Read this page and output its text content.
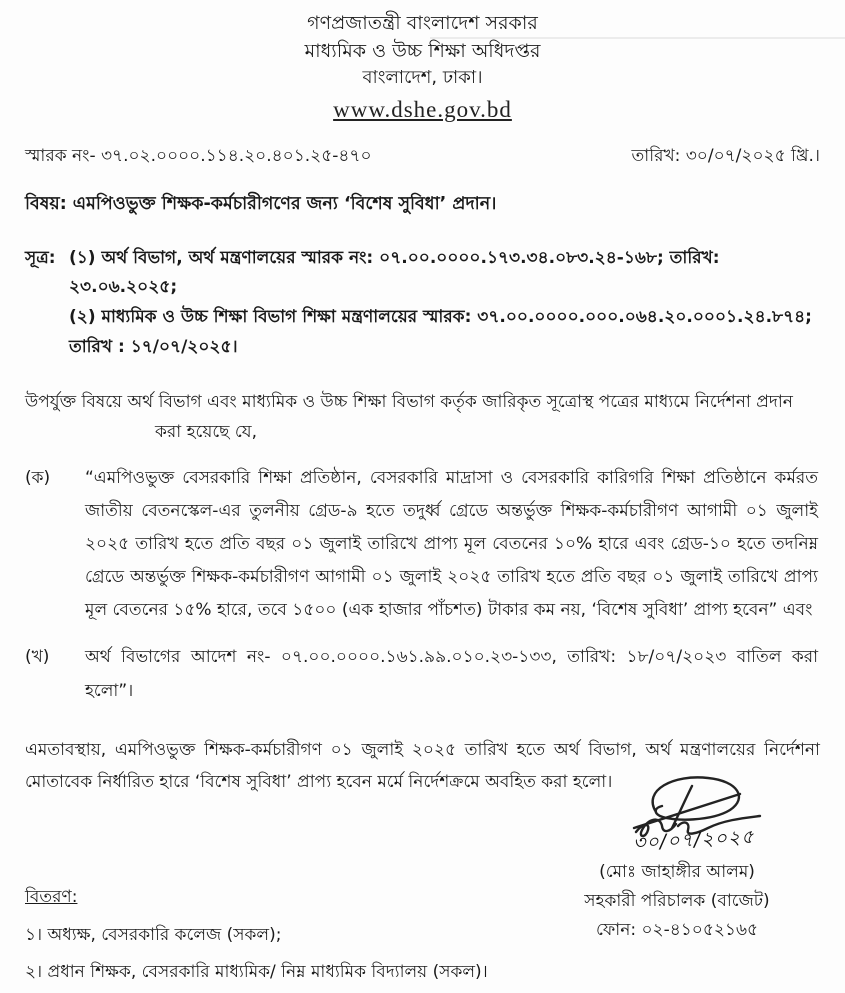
গণপ্রজাতন্ত্রী বাংলাদেশ সরকার
মাধ্যমিক ও উচ্চ শিক্ষা অধিদপ্তর
বাংলাদেশ, ঢাকা।
www.dshe.gov.bd
স্মারক নং- ৩৭.০২.০০০০.১১৪.২০.৪০১.২৫-৪৭০	তারিখ: ৩০/০৭/২০২৫ খ্রি.।
বিষয়: এমপিওভুক্ত শিক্ষক-কর্মচারীগণের জন্য ‘বিশেষ সুবিধা’ প্রদান।
সূত্র: (১) অর্থ বিভাগ, অর্থ মন্ত্রণালয়ের স্মারক নং: ০৭.০০.০০০০.১৭৩.৩৪.০৮৩.২৪-১৬৮; তারিখ: ২৩.০৬.২০২৫;
(২) মাধ্যমিক ও উচ্চ শিক্ষা বিভাগ শিক্ষা মন্ত্রণালয়ের স্মারক: ৩৭.০০.০০০০.০০০.০৬৪.২০.০০০১.২৪.৮৭৪; তারিখ : ১৭/০৭/২০২৫।
উপর্যুক্ত বিষয়ে অর্থ বিভাগ এবং মাধ্যমিক ও উচ্চ শিক্ষা বিভাগ কর্তৃক জারিকৃত সূত্রোস্থ পত্রের মাধ্যমে নির্দেশনা প্রদান করা হয়েছে যে,
(ক)	“এমপিওভুক্ত বেসরকারি শিক্ষা প্রতিষ্ঠান, বেসরকারি মাদ্রাসা ও বেসরকারি কারিগরি শিক্ষা প্রতিষ্ঠানে কর্মরত জাতীয় বেতনস্কেল-এর তুলনীয় গ্রেড-৯ হতে তদুর্ধ্ব গ্রেডে অন্তর্ভুক্ত শিক্ষক-কর্মচারীগণ আগামী ০১ জুলাই ২০২৫ তারিখ হতে প্রতি বছর ০১ জুলাই তারিখে প্রাপ্য মূল বেতনের ১০% হারে এবং গ্রেড-১০ হতে তদনিম্ন গ্রেডে অন্তর্ভুক্ত শিক্ষক-কর্মচারীগণ আগামী ০১ জুলাই ২০২৫ তারিখ হতে প্রতি বছর ০১ জুলাই তারিখে প্রাপ্য মূল বেতনের ১৫% হারে, তবে ১৫০০ (এক হাজার পাঁচশত) টাকার কম নয়, ‘বিশেষ সুবিধা’ প্রাপ্য হবেন” এবং
(খ)	অর্থ বিভাগের আদেশ নং- ০৭.০০.০০০০.১৬১.৯৯.০১০.২৩-১৩৩, তারিখ: ১৮/০৭/২০২৩ বাতিল করা হলো”।
এমতাবস্থায়, এমপিওভুক্ত শিক্ষক-কর্মচারীগণ ০১ জুলাই ২০২৫ তারিখ হতে অর্থ বিভাগ, অর্থ মন্ত্রণালয়ের নির্দেশনা মোতাবেক নির্ধারিত হারে ‘বিশেষ সুবিধা’ প্রাপ্য হবেন মর্মে নির্দেশক্রমে অবহিত করা হলো।
৩০/০৭/২০২৫
(মোঃ জাহাঙ্গীর আলম)
সহকারী পরিচালক (বাজেট)
ফোন: ০২-৪১০৫২১৬৫
বিতরণ:
১। অধ্যক্ষ, বেসরকারি কলেজ (সকল);
২। প্রধান শিক্ষক, বেসরকারি মাধ্যমিক/ নিম্ন মাধ্যমিক বিদ্যালয় (সকল)।
